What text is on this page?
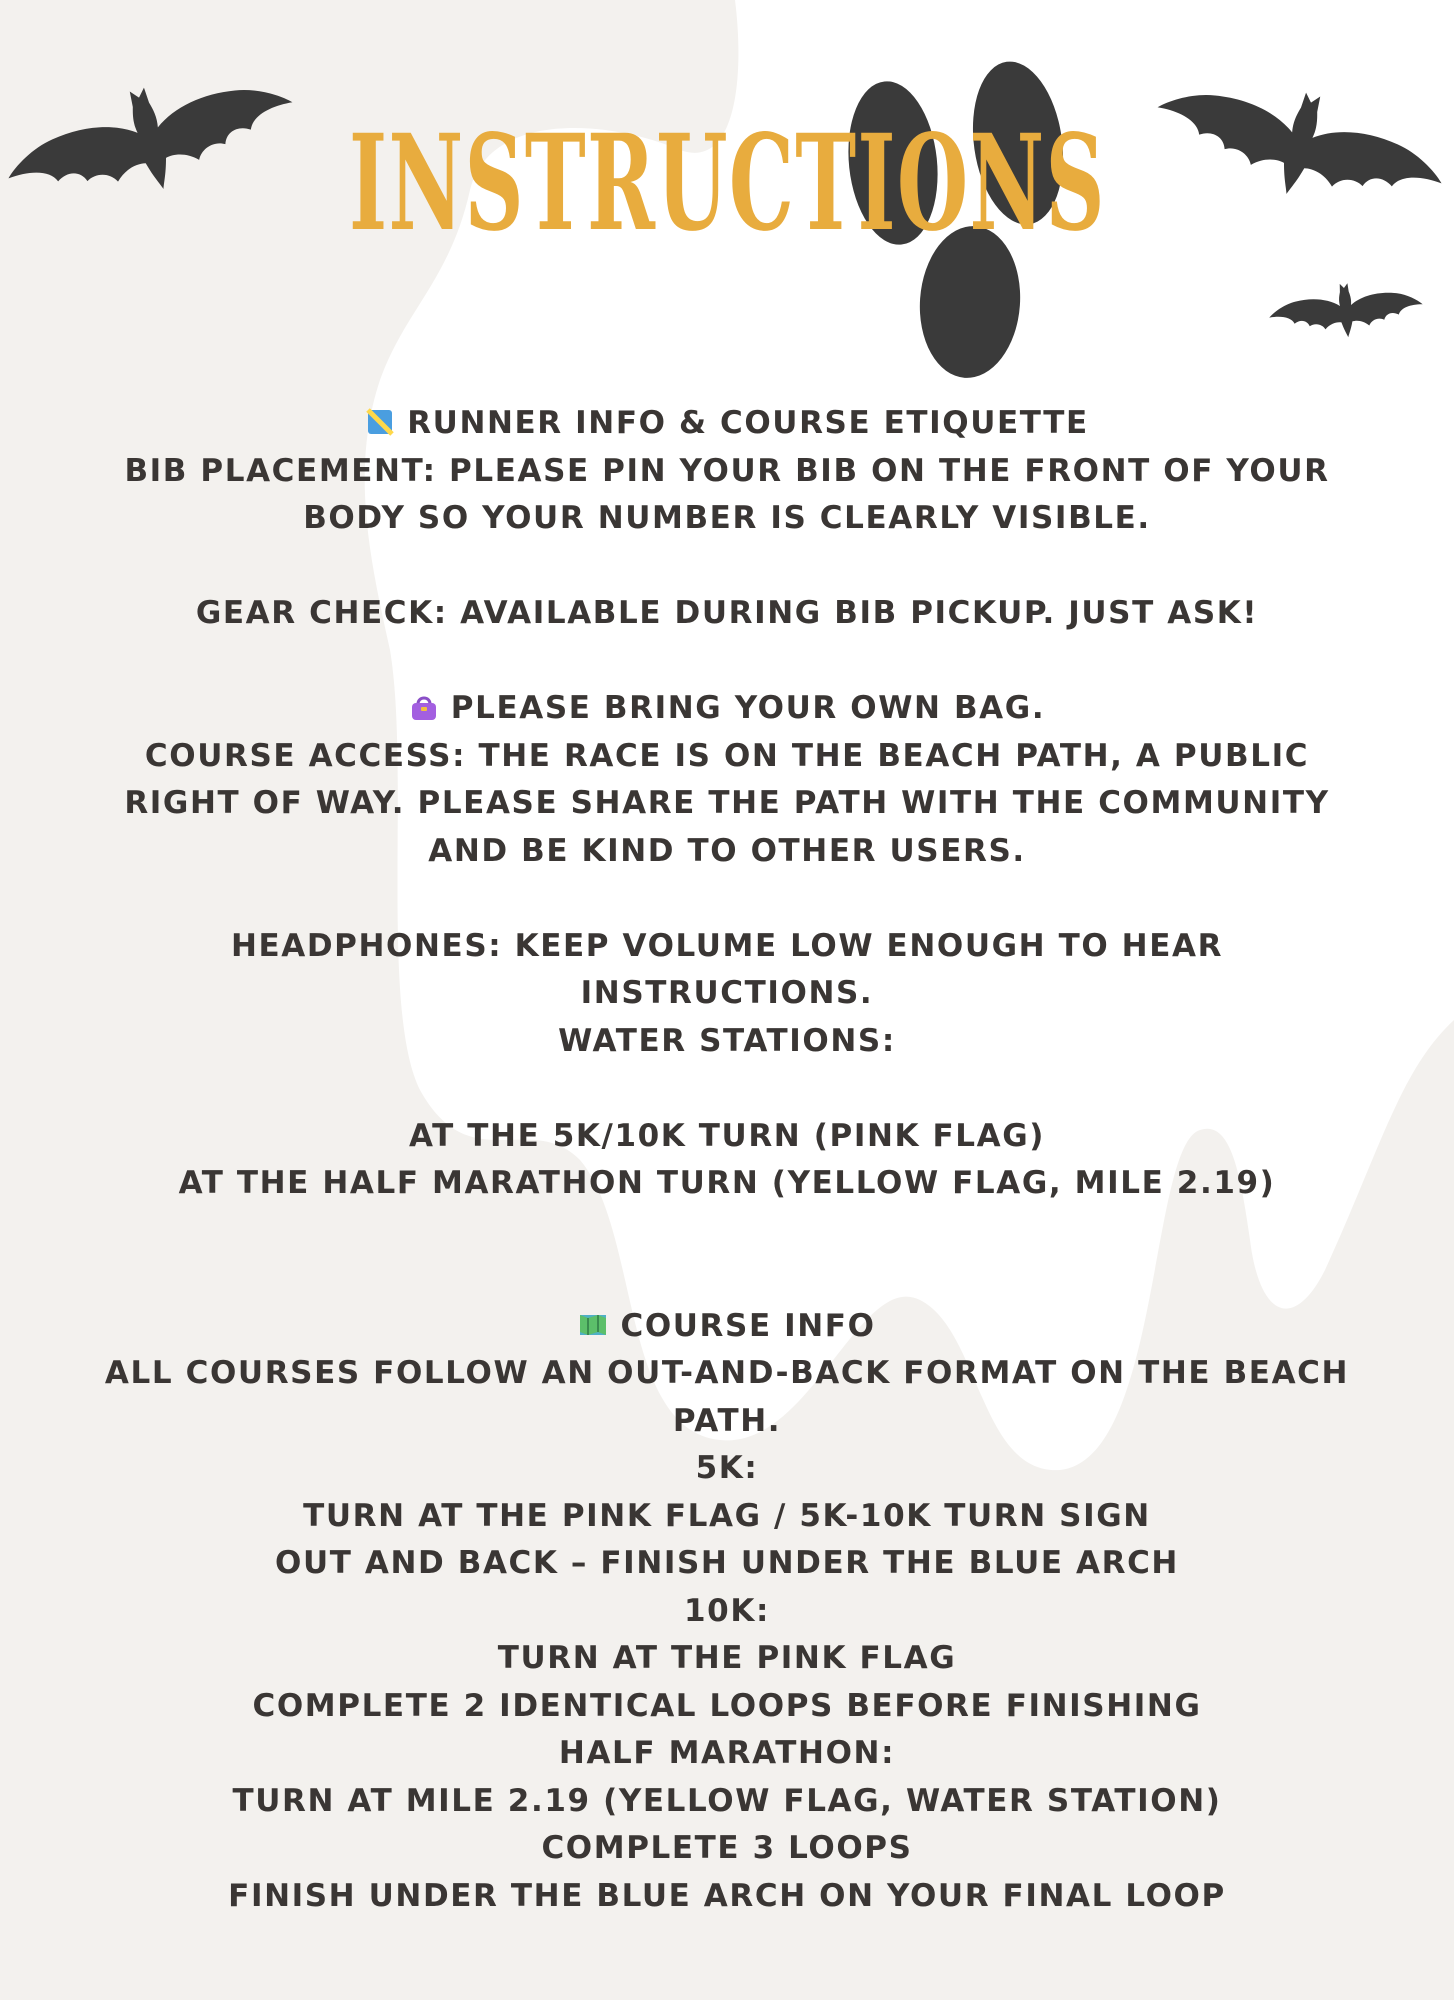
INSTRUCTIONS
RUNNER INFO & COURSE ETIQUETTE
BIB PLACEMENT: PLEASE PIN YOUR BIB ON THE FRONT OF YOUR
BODY SO YOUR NUMBER IS CLEARLY VISIBLE.
GEAR CHECK: AVAILABLE DURING BIB PICKUP. JUST ASK!
PLEASE BRING YOUR OWN BAG.
COURSE ACCESS: THE RACE IS ON THE BEACH PATH, A PUBLIC
RIGHT OF WAY. PLEASE SHARE THE PATH WITH THE COMMUNITY
AND BE KIND TO OTHER USERS.
HEADPHONES: KEEP VOLUME LOW ENOUGH TO HEAR
INSTRUCTIONS.
WATER STATIONS:
AT THE 5K/10K TURN (PINK FLAG)
AT THE HALF MARATHON TURN (YELLOW FLAG, MILE 2.19)
COURSE INFO
ALL COURSES FOLLOW AN OUT-AND-BACK FORMAT ON THE BEACH
PATH.
5K:
TURN AT THE PINK FLAG / 5K-10K TURN SIGN
OUT AND BACK – FINISH UNDER THE BLUE ARCH
10K:
TURN AT THE PINK FLAG
COMPLETE 2 IDENTICAL LOOPS BEFORE FINISHING
HALF MARATHON:
TURN AT MILE 2.19 (YELLOW FLAG, WATER STATION)
COMPLETE 3 LOOPS
FINISH UNDER THE BLUE ARCH ON YOUR FINAL LOOP
